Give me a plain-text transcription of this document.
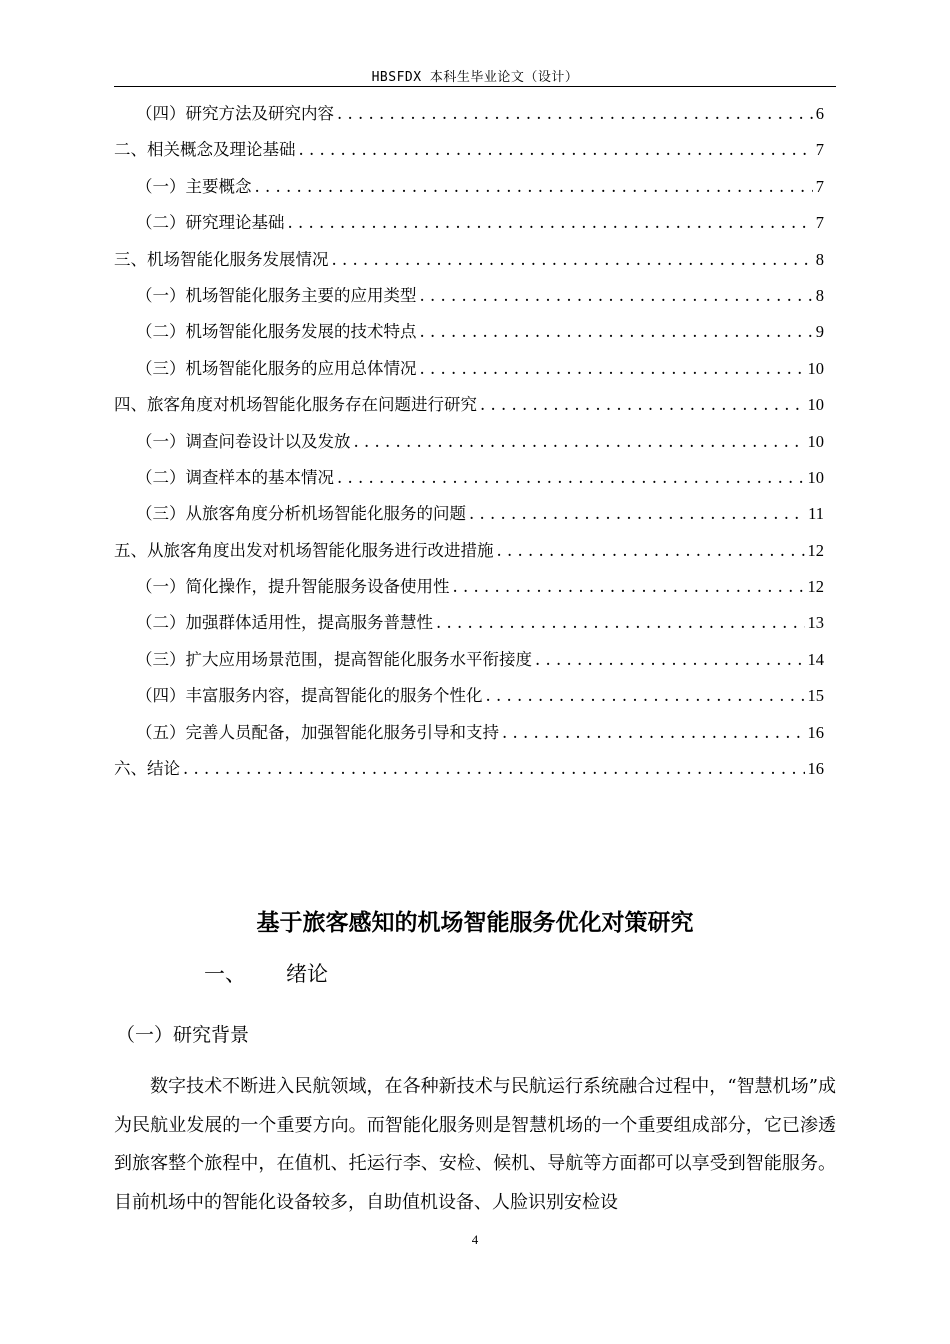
HBSFDX 本科生毕业论文（设计）
（四）研究方法及研究内容 . . .	6
二、相关概念及理论基础 . . .	7
（一）主要概念 . . .	7
（二）研究理论基础 . . .	7
三、机场智能化服务发展情况 . . .	8
（一）机场智能化服务主要的应用类型 . . .	8
（二）机场智能化服务发展的技术特点 . . .	9
（三）机场智能化服务的应用总体情况 . . .	10
四、旅客角度对机场智能化服务存在问题进行研究 . . .	10
（一）调查问卷设计以及发放 . . .	10
（二）调查样本的基本情况 . . .	10
（三）从旅客角度分析机场智能化服务的问题 . . .	11
五、从旅客角度出发对机场智能化服务进行改进措施 . . .	12
（一）简化操作，提升智能服务设备使用性 . . .	12
（二）加强群体适用性，提高服务普慧性 . . .	13
（三）扩大应用场景范围，提高智能化服务水平衔接度 . . .	14
（四）丰富服务内容，提高智能化的服务个性化 . . .	15
（五）完善人员配备，加强智能化服务引导和支持 . . .	16
六、结论 . . .	16
基于旅客感知的机场智能服务优化对策研究
一、 绪论
（一）研究背景
数字技术不断进入民航领域，在各种新技术与民航运行系统融合过程中，“智慧机场”成为民航业发展的一个重要方向。而智能化服务则是智慧机场的一个重要组成部分，它已渗透到旅客整个旅程中，在值机、托运行李、安检、候机、导航等方面都可以享受到智能服务。目前机场中的智能化设备较多，自助值机设备、人脸识别安检设
4
